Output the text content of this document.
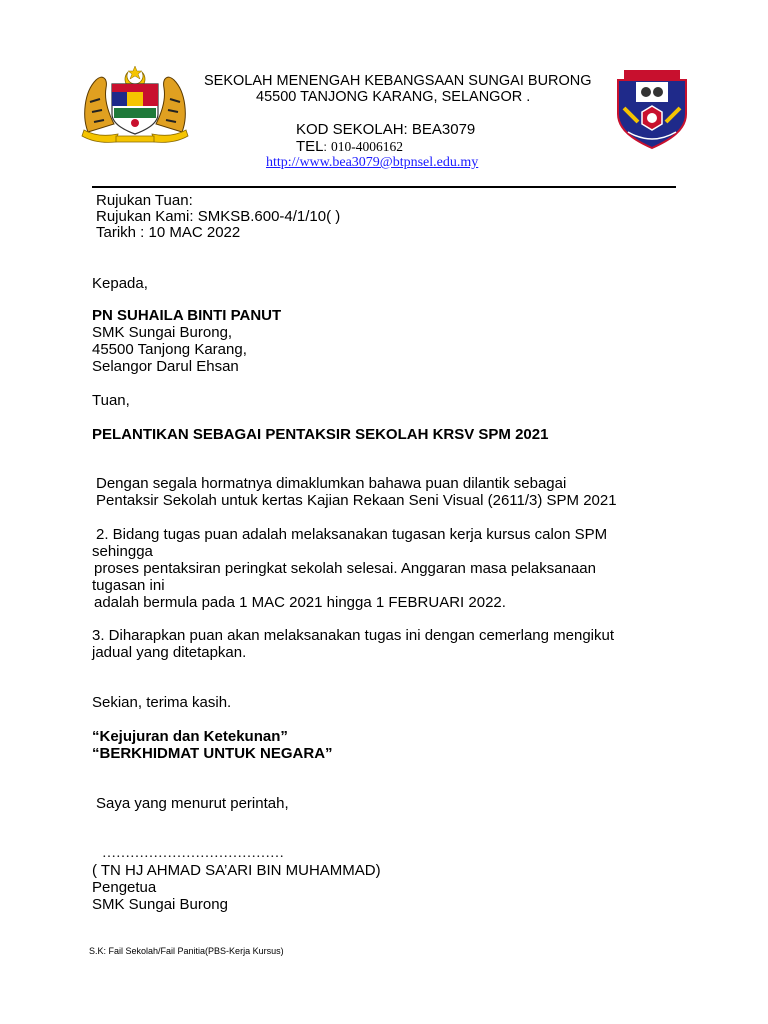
SEKOLAH MENENGAH KEBANGSAAN SUNGAI BURONG
45500 TANJONG KARANG, SELANGOR .
KOD SEKOLAH: BEA3079
TEL: 010-4006162
http://www.bea3079@btpnsel.edu.my
Rujukan Tuan:
Rujukan Kami: SMKSB.600-4/1/10( )
Tarikh : 10 MAC 2022
Kepada,
PN SUHAILA BINTI PANUT
SMK Sungai Burong,
45500 Tanjong Karang,
Selangor Darul Ehsan
Tuan,
PELANTIKAN SEBAGAI PENTAKSIR SEKOLAH KRSV SPM 2021
Dengan segala hormatnya dimaklumkan bahawa puan dilantik sebagai
Pentaksir Sekolah untuk kertas Kajian Rekaan Seni Visual (2611/3) SPM 2021
2. Bidang tugas puan adalah melaksanakan tugasan kerja kursus calon SPM
sehingga
proses pentaksiran peringkat sekolah selesai. Anggaran masa pelaksanaan
tugasan ini
adalah bermula pada 1 MAC 2021 hingga 1 FEBRUARI 2022.
3. Diharapkan puan akan melaksanakan tugas ini dengan cemerlang mengikut
jadual yang ditetapkan.
Sekian, terima kasih.
“Kejujuran dan Ketekunan”
“BERKHIDMAT UNTUK NEGARA”
Saya yang menurut perintah,
…………………………………
( TN HJ AHMAD SA’ARI BIN MUHAMMAD)
Pengetua
SMK Sungai Burong
S.K: Fail Sekolah/Fail Panitia(PBS-Kerja Kursus)
